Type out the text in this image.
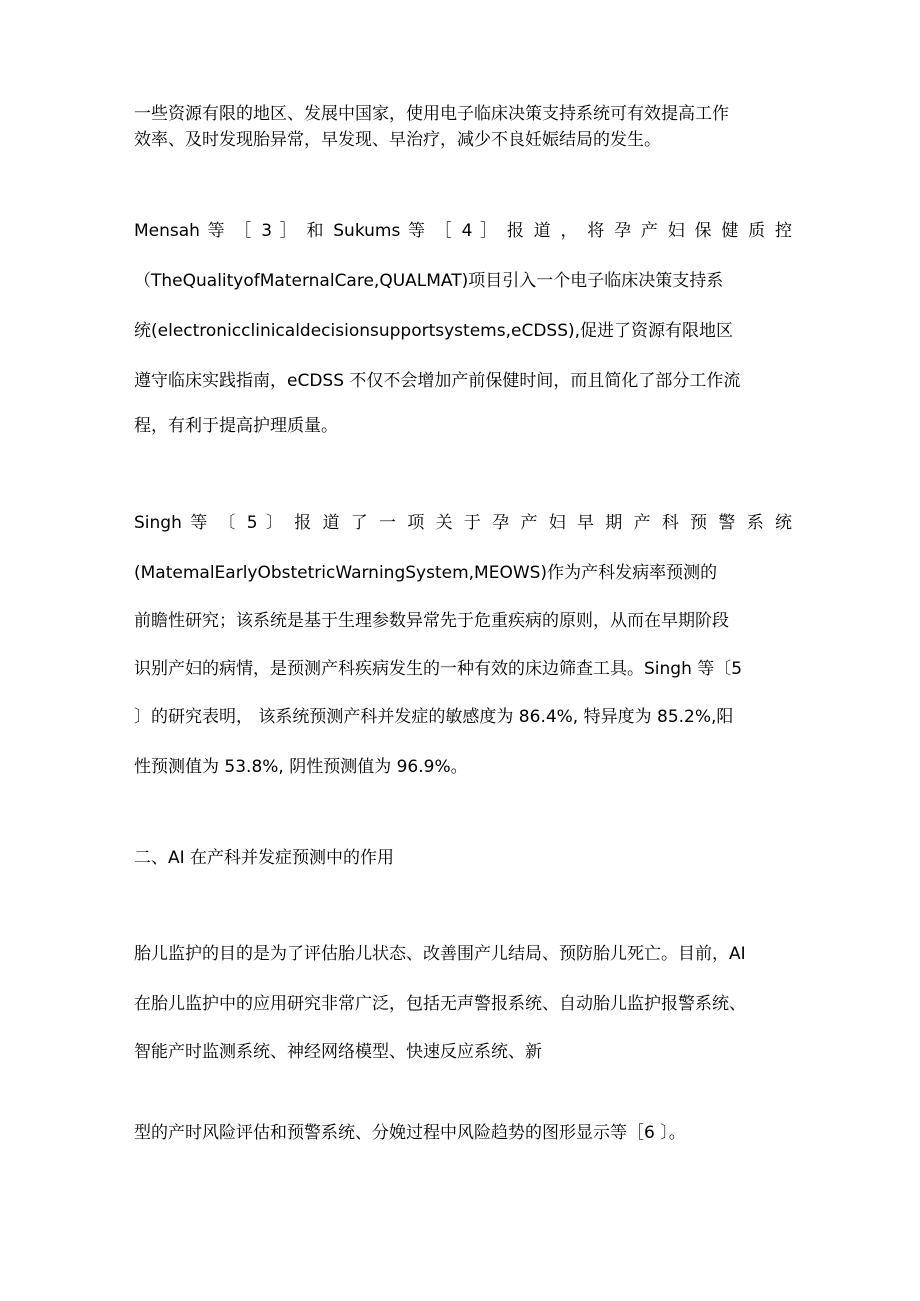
一些资源有限的地区、发展中国家，使用电子临床决策支持系统可有效提高工作

效率、及时发现胎异常，早发现、早治疗，减少不良妊娠结局的发生。

Mensah 等 ［ 3 ］ 和 Sukums 等 ［ 4 ］ 报 道 ， 将 孕 产 妇 保 健 质 控

（TheQualityofMaternalCare,QUALMAT)项目引入一个电子临床决策支持系

统(electronicclinicaldecisionsupportsystems,eCDSS),促进了资源有限地区

遵守临床实践指南，eCDSS 不仅不会增加产前保健时间，而且简化了部分工作流

程，有利于提高护理质量。

Singh 等 〔 5 〕 报 道 了 一 项 关 于 孕 产 妇 早 期 产 科 预 警 系 统

(MatemalEarlyObstetricWarningSystem,MEOWS)作为产科发病率预测的

前瞻性研究；该系统是基于生理参数异常先于危重疾病的原则，从而在早期阶段

识别产妇的病情，是预测产科疾病发生的一种有效的床边筛查工具。Singh 等〔5

〕的研究表明， 该系统预测产科并发症的敏感度为 86.4%, 特异度为 85.2%,阳

性预测值为 53.8%, 阴性预测值为 96.9%。

二、AI 在产科并发症预测中的作用

胎儿监护的目的是为了评估胎儿状态、改善围产儿结局、预防胎儿死亡。目前，AI

在胎儿监护中的应用研究非常广泛，包括无声警报系统、自动胎儿监护报警系统、

智能产时监测系统、神经网络模型、快速反应系统、新

型的产时风险评估和预警系统、分娩过程中风险趋势的图形显示等［6 〕。
